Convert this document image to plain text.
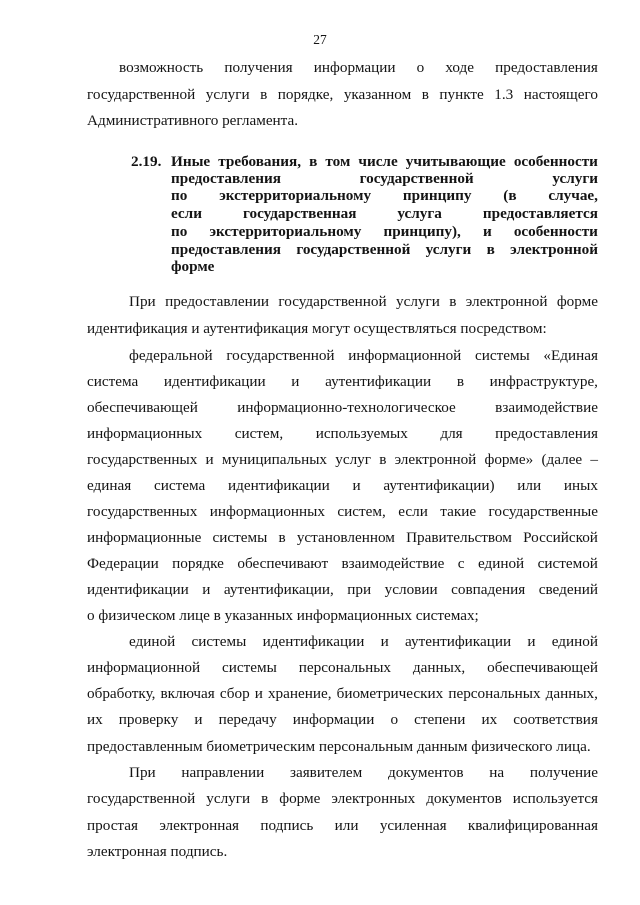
27
возможность получения информации о ходе предоставления
государственной услуги в порядке, указанном в пункте 1.3 настоящего
Административного регламента.
2.19. Иные требования, в том числе учитывающие особенности
предоставления	государственной	услуги
по экстерриториальному принципу (в случае,
если	государственная	услуга	предоставляется
по экстерриториальному принципу), и особенности
предоставления государственной услуги в электронной
форме
При предоставлении государственной услуги в электронной форме
идентификация и аутентификация могут осуществляться посредством:
федеральной государственной информационной системы «Единая
система идентификации и аутентификации в инфраструктуре,
обеспечивающей	информационно-технологическое	взаимодействие
информационных систем, используемых для предоставления
государственных и муниципальных услуг в электронной форме» (далее –
единая система идентификации и аутентификации) или иных
государственных информационных систем, если такие государственные
информационные системы в установленном Правительством Российской
Федерации порядке обеспечивают взаимодействие с единой системой
идентификации и аутентификации, при условии совпадения сведений
о физическом лице в указанных информационных системах;
единой системы идентификации и аутентификации и единой
информационной системы персональных данных, обеспечивающей
обработку, включая сбор и хранение, биометрических персональных данных,
их проверку и передачу информации о степени их соответствия
предоставленным биометрическим персональным данным физического лица.
При направлении заявителем документов на получение
государственной услуги в форме электронных документов используется
простая электронная подпись или усиленная квалифицированная
электронная подпись.
